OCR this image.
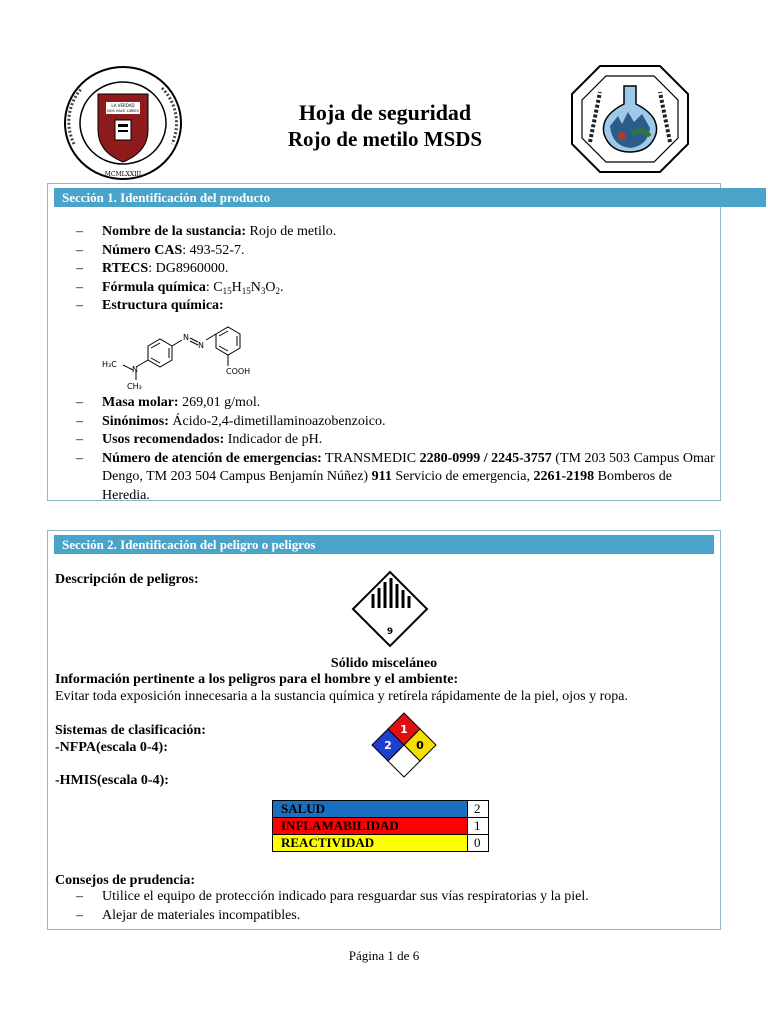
LA VERDAD
NOS HACE LIBRES
MCMLXXIII
Hoja de seguridad
Rojo de metilo MSDS
Sección 1. Identificación del producto
– Nombre de la sustancia: Rojo de metilo.
– Número CAS: 493-52-7.
– RTECS: DG8960000.
– Fórmula química: $C_{15}H_{15}N_3O_2$.
– Estructura química:
N
N
H₃C
N
CH₃
COOH
– Masa molar: 269,01 g/mol.
– Sinónimos: Ácido-2,4-dimetillaminoazobenzoico.
– Usos recomendados: Indicador de pH.
– Número de atención de emergencias: TRANSMEDIC 2280-0999 / 2245-3757 (TM 203 503 Campus Omar Dengo, TM 203 504 Campus Benjamín Núñez) 911 Servicio de emergencia, 2261-2198 Bomberos de Heredia.
Sección 2. Identificación del peligro o peligros
Descripción de peligros:
9
Sólido misceláneo
Información pertinente a los peligros para el hombre y el ambiente:
Evitar toda exposición innecesaria a la sustancia química y retírela rápidamente de la piel, ojos y ropa.
Sistemas de clasificación:
-NFPA(escala 0-4):	2
1
0
-HMIS(escala 0-4):
Consejos de prudencia:
– Utilice el equipo de protección indicado para resguardar sus vías respiratorias y la piel.
– Alejar de materiales incompatibles.
SALUD	2
INFLAMABILIDAD	1
REACTIVIDAD	0
Página 1 de 6
